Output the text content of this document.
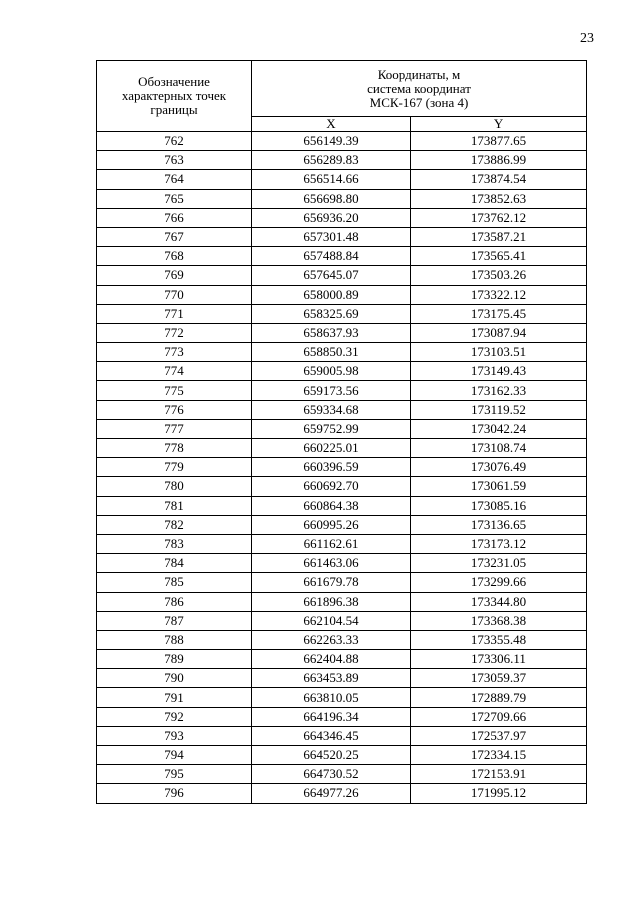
23
Обозначение
характерных точек
границы	Координаты, м
система координат
МСК-167 (зона 4)	

	X	Y
762	656149.39	173877.65
763	656289.83	173886.99
764	656514.66	173874.54
765	656698.80	173852.63
766	656936.20	173762.12
767	657301.48	173587.21
768	657488.84	173565.41
769	657645.07	173503.26
770	658000.89	173322.12
771	658325.69	173175.45
772	658637.93	173087.94
773	658850.31	173103.51
774	659005.98	173149.43
775	659173.56	173162.33
776	659334.68	173119.52
777	659752.99	173042.24
778	660225.01	173108.74
779	660396.59	173076.49
780	660692.70	173061.59
781	660864.38	173085.16
782	660995.26	173136.65
783	661162.61	173173.12
784	661463.06	173231.05
785	661679.78	173299.66
786	661896.38	173344.80
787	662104.54	173368.38
788	662263.33	173355.48
789	662404.88	173306.11
790	663453.89	173059.37
791	663810.05	172889.79
792	664196.34	172709.66
793	664346.45	172537.97
794	664520.25	172334.15
795	664730.52	172153.91
796	664977.26	171995.12
